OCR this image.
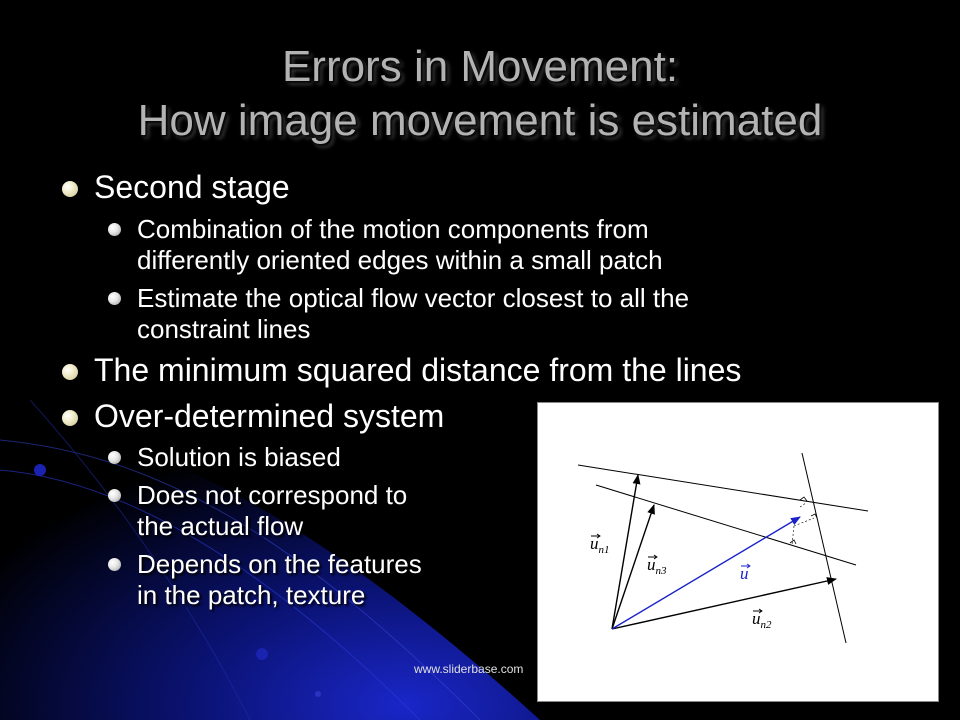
Errors in Movement:
How image movement is estimated
Second stage
Combination of the motion components from
differently oriented edges within a small patch
Estimate the optical flow vector closest to all the
constraint lines
The minimum squared distance from the lines
Over-determined system
Solution is biased
Does not correspond to
the actual flow
Depends on the features
in the patch, texture
$u_{n1}$
$u_{n3}$	u
$u_{n2}$
www.sliderbase.com
